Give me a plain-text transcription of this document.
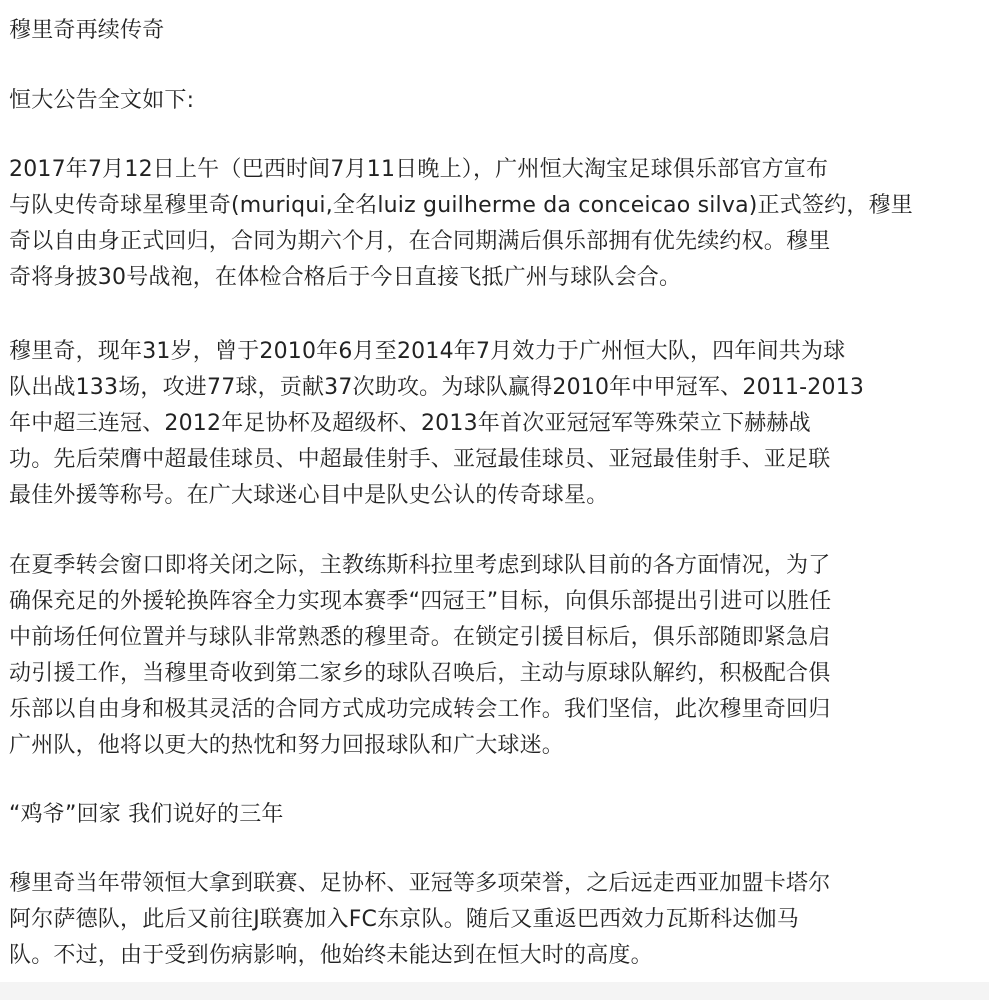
穆里奇再续传奇

恒大公告全文如下:

2017年7月12日上午（巴西时间7月11日晚上），广州恒大淘宝足球俱乐部官方宣布

与队史传奇球星穆里奇(muriqui,全名luiz guilherme da conceicao silva)正式签约，穆里

奇以自由身正式回归，合同为期六个月，在合同期满后俱乐部拥有优先续约权。穆里

奇将身披30号战袍，在体检合格后于今日直接飞抵广州与球队会合。

穆里奇，现年31岁，曾于2010年6月至2014年7月效力于广州恒大队，四年间共为球

队出战133场，攻进77球，贡献37次助攻。为球队赢得2010年中甲冠军、2011-2013

年中超三连冠、2012年足协杯及超级杯、2013年首次亚冠冠军等殊荣立下赫赫战

功。先后荣膺中超最佳球员、中超最佳射手、亚冠最佳球员、亚冠最佳射手、亚足联

最佳外援等称号。在广大球迷心目中是队史公认的传奇球星。

在夏季转会窗口即将关闭之际，主教练斯科拉里考虑到球队目前的各方面情况，为了

确保充足的外援轮换阵容全力实现本赛季“四冠王”目标，向俱乐部提出引进可以胜任

中前场任何位置并与球队非常熟悉的穆里奇。在锁定引援目标后，俱乐部随即紧急启

动引援工作，当穆里奇收到第二家乡的球队召唤后，主动与原球队解约，积极配合俱

乐部以自由身和极其灵活的合同方式成功完成转会工作。我们坚信，此次穆里奇回归

广州队，他将以更大的热忱和努力回报球队和广大球迷。

“鸡爷”回家 我们说好的三年

穆里奇当年带领恒大拿到联赛、足协杯、亚冠等多项荣誉，之后远走西亚加盟卡塔尔

阿尔萨德队，此后又前往J联赛加入FC东京队。随后又重返巴西效力瓦斯科达伽马

队。不过，由于受到伤病影响，他始终未能达到在恒大时的高度。
